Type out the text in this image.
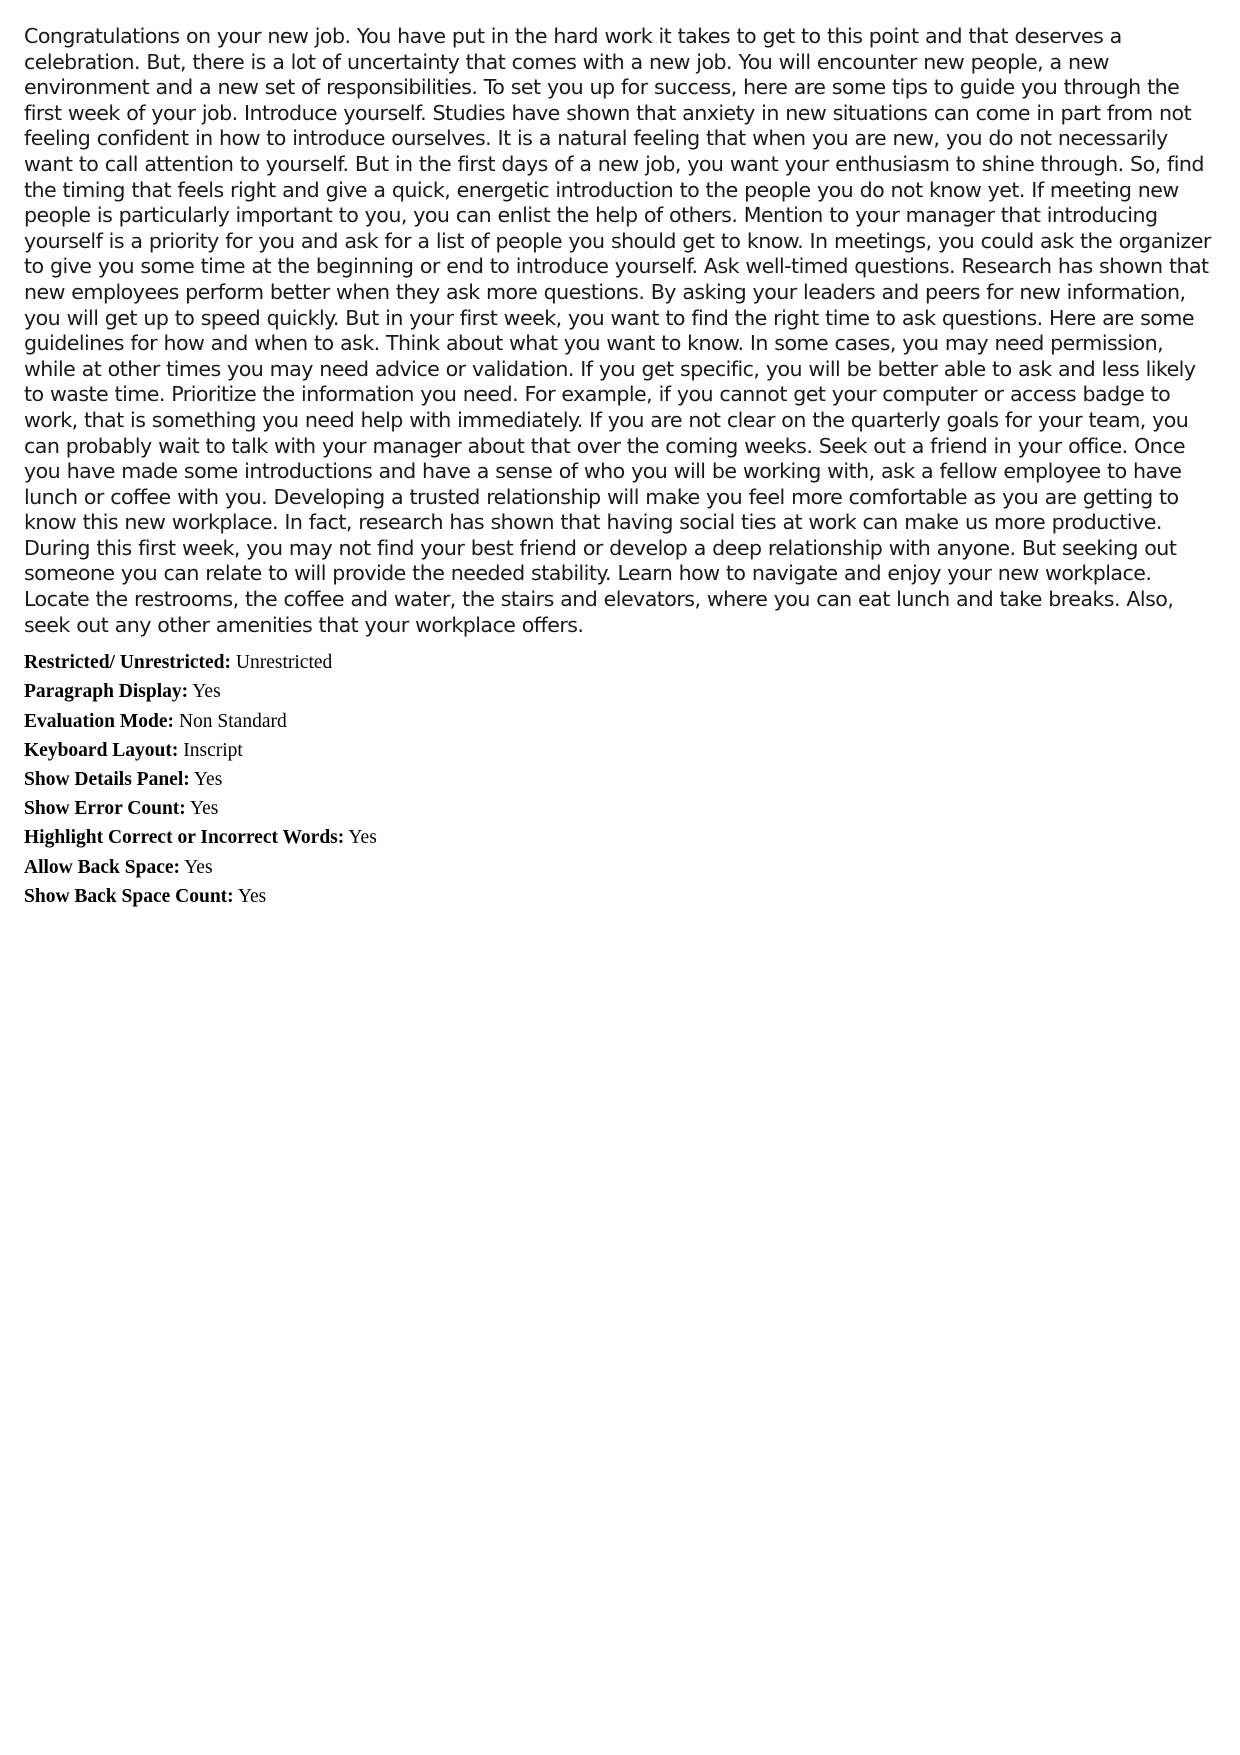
Congratulations on your new job. You have put in the hard work it takes to get to this point and that deserves a celebration. But, there is a lot of uncertainty that comes with a new job. You will encounter new people, a new environment and a new set of responsibilities. To set you up for success, here are some tips to guide you through the first week of your job. Introduce yourself. Studies have shown that anxiety in new situations can come in part from not feeling confident in how to introduce ourselves. It is a natural feeling that when you are new, you do not necessarily want to call attention to yourself. But in the first days of a new job, you want your enthusiasm to shine through. So, find the timing that feels right and give a quick, energetic introduction to the people you do not know yet. If meeting new people is particularly important to you, you can enlist the help of others. Mention to your manager that introducing yourself is a priority for you and ask for a list of people you should get to know. In meetings, you could ask the organizer to give you some time at the beginning or end to introduce yourself. Ask well-timed questions. Research has shown that new employees perform better when they ask more questions. By asking your leaders and peers for new information, you will get up to speed quickly. But in your first week, you want to find the right time to ask questions. Here are some guidelines for how and when to ask. Think about what you want to know. In some cases, you may need permission, while at other times you may need advice or validation. If you get specific, you will be better able to ask and less likely to waste time. Prioritize the information you need. For example, if you cannot get your computer or access badge to work, that is something you need help with immediately. If you are not clear on the quarterly goals for your team, you can probably wait to talk with your manager about that over the coming weeks. Seek out a friend in your office. Once you have made some introductions and have a sense of who you will be working with, ask a fellow employee to have lunch or coffee with you. Developing a trusted relationship will make you feel more comfortable as you are getting to know this new workplace. In fact, research has shown that having social ties at work can make us more productive. During this first week, you may not find your best friend or develop a deep relationship with anyone. But seeking out someone you can relate to will provide the needed stability. Learn how to navigate and enjoy your new workplace. Locate the restrooms, the coffee and water, the stairs and elevators, where you can eat lunch and take breaks. Also, seek out any other amenities that your workplace offers.

Restricted/ Unrestricted: Unrestricted
Paragraph Display: Yes
Evaluation Mode: Non Standard
Keyboard Layout: Inscript
Show Details Panel: Yes
Show Error Count: Yes
Highlight Correct or Incorrect Words: Yes
Allow Back Space: Yes
Show Back Space Count: Yes
